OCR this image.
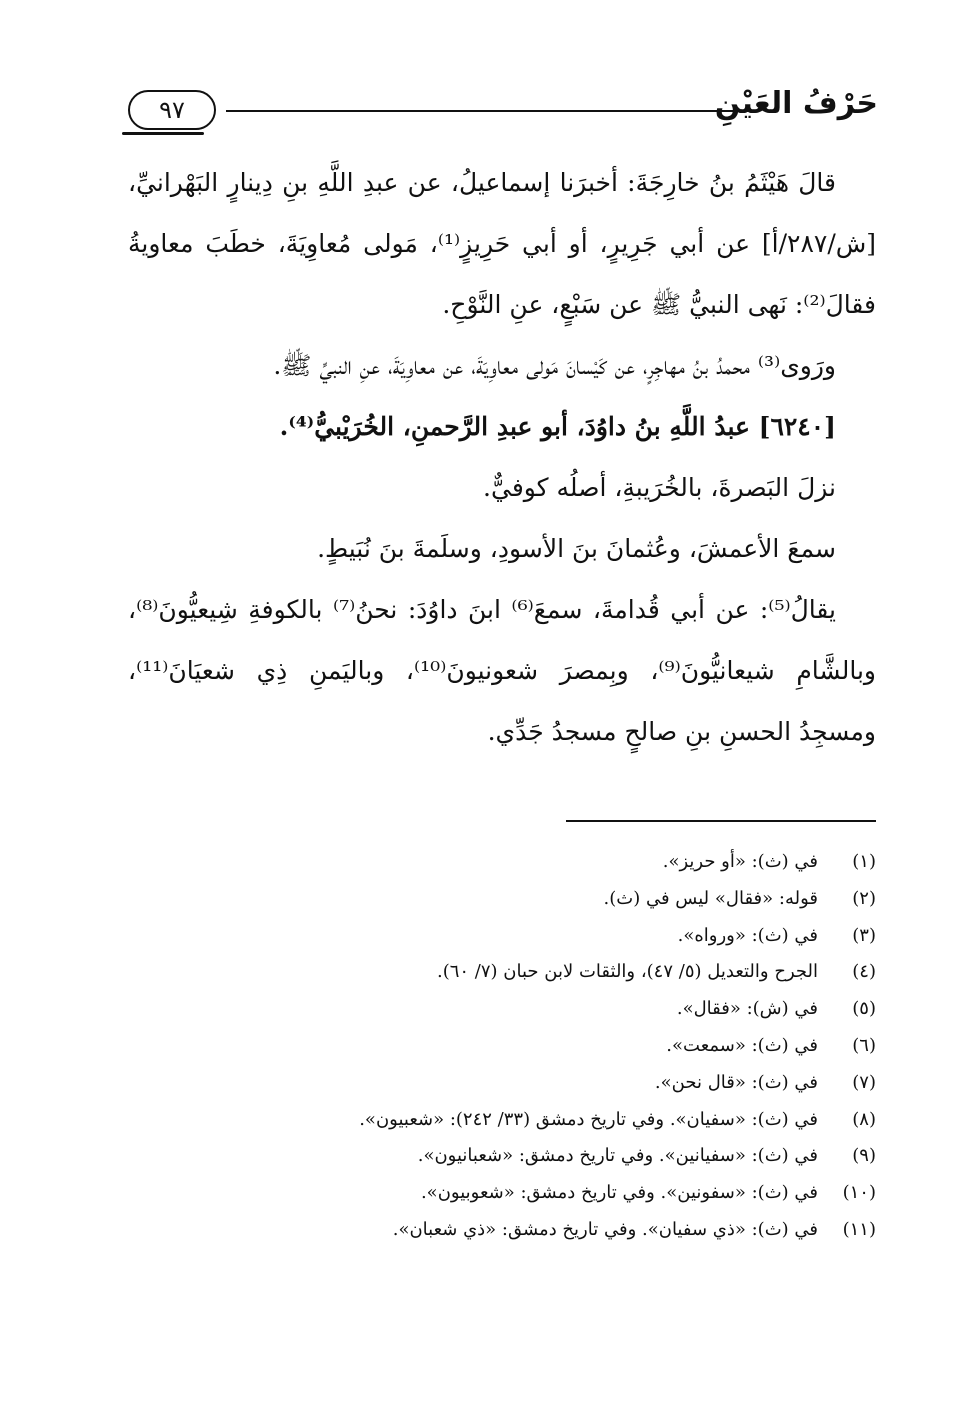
٩٧	حَرْفُ العَيْنِ

قالَ هَيْثَمُ بنُ خارِجَةَ: أخبرَنا إسماعيلُ، عن عبدِ اللَّهِ بنِ دِينارٍ البَهْرانيِّ، [ش/٢٨٧/أ] عن أبي جَرِيرٍ، أو أبي حَرِيزٍ⁽¹⁾، مَولى مُعاوِيَةَ، خطَبَ معاويةُ فقالَ⁽²⁾: نَهى النبيُّ ﷺ عن سَبْعٍ، عنِ النَّوْحِ.

ورَوى⁽³⁾ محمدُ بنُ مهاجِرٍ، عن كَيْسانَ مَولى معاوِيَةَ، عن معاوِيَةَ، عنِ النبيِّ ﷺ.

[٦٢٤٠] عبدُ اللَّهِ بنُ داوُدَ، أبو عبدِ الرَّحمنِ، الخُرَيْبيُّ⁽⁴⁾.

نزلَ البَصرةَ، بالخُرَيبةِ، أصلُه كوفيٌّ.

سمعَ الأعمشَ، وعُثمانَ بنَ الأسودِ، وسلَمةَ بنَ نُبَيطٍ.

يقالُ⁽⁵⁾: عن أبي قُدامةَ، سمعَ⁽⁶⁾ ابنَ داوُدَ: نحنُ⁽⁷⁾ بالكوفةِ شِيعيُّونَ⁽⁸⁾، وبالشَّامِ شيعانيُّونَ⁽⁹⁾، وبِمصرَ شعونيونَ⁽¹⁰⁾، وباليَمنِ ذِي شعيَانَ⁽¹¹⁾، ومسجِدُ الحسنِ بنِ صالحٍ مسجدُ جَدِّي.

(١)
في (ث): «أو حريز».
(٢)
قوله: «فقال» ليس في (ث).
(٣)
في (ث): «ورواه».
(٤)
الجرح والتعديل (٥/ ٤٧)، والثقات لابن حبان (٧/ ٦٠).
(٥)
في (ش): «فقال».
(٦)
في (ث): «سمعت».
(٧)
في (ث): «قال نحن».
(٨)
في (ث): «سفيان». وفي تاريخ دمشق (٣٣/ ٢٤٢): «شعبيون».
(٩)
في (ث): «سفيانين». وفي تاريخ دمشق: «شعبانيون».
(١٠)
في (ث): «سفونين». وفي تاريخ دمشق: «شعوبيون».
(١١)
في (ث): «ذي سفيان». وفي تاريخ دمشق: «ذي شعبان».
